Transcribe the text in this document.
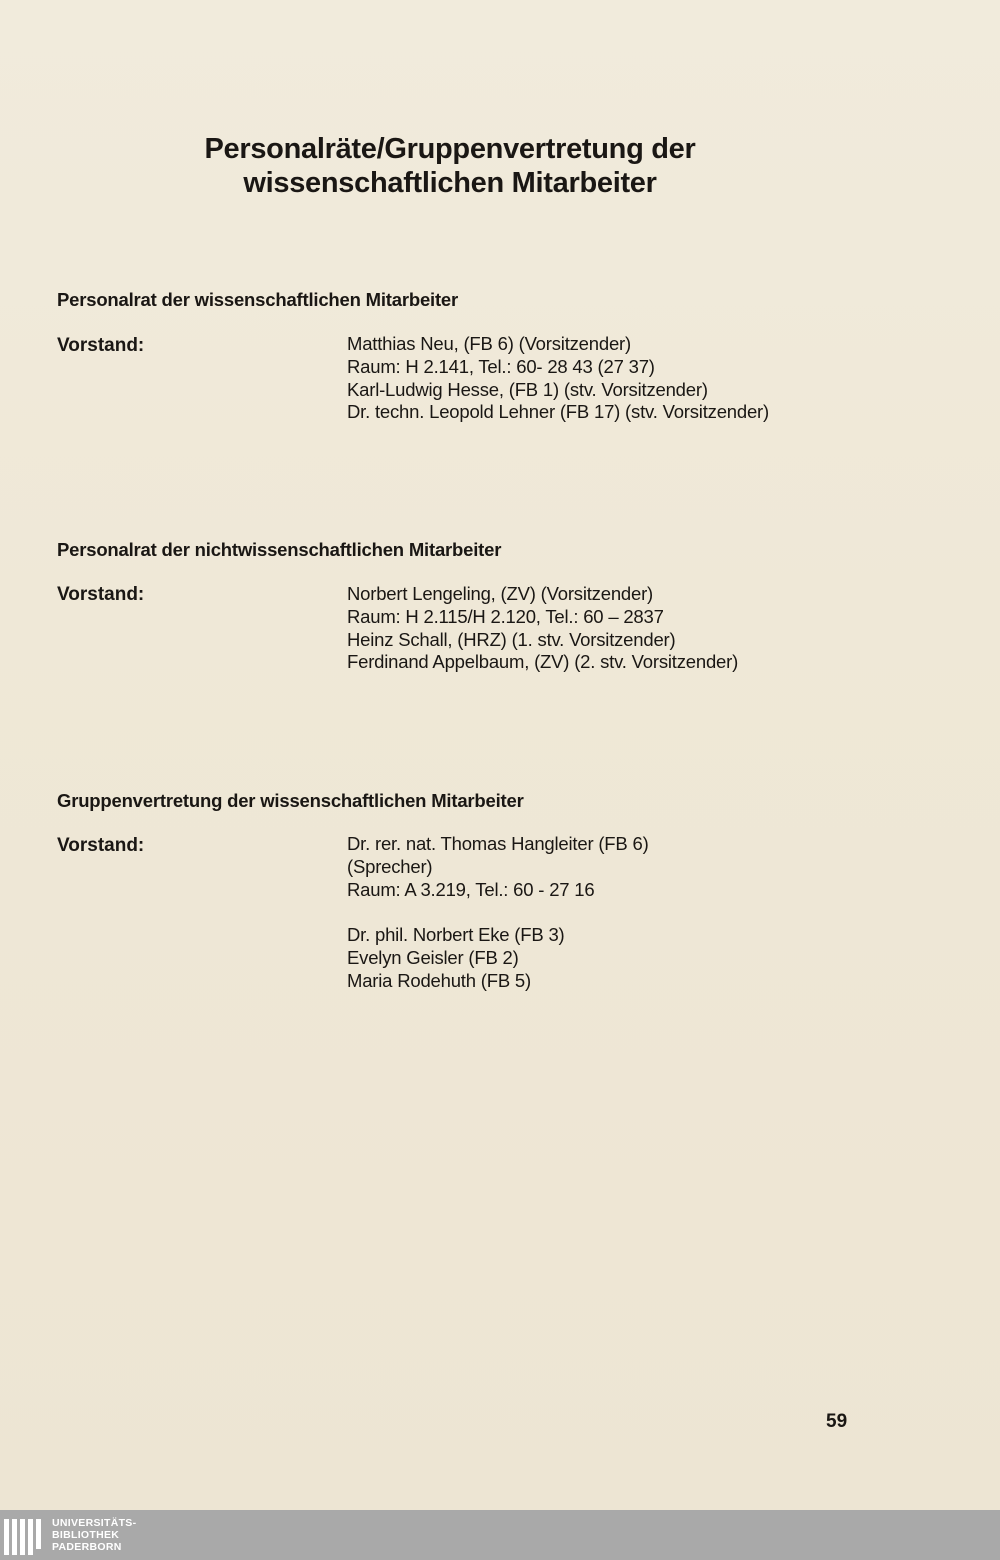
Personalräte/Gruppenvertretung der
wissenschaftlichen Mitarbeiter
Personalrat der wissenschaftlichen Mitarbeiter
Vorstand:	Matthias Neu, (FB 6) (Vorsitzender)
Raum: H 2.141, Tel.: 60- 28 43 (27 37)
Karl-Ludwig Hesse, (FB 1) (stv. Vorsitzender)
Dr. techn. Leopold Lehner (FB 17) (stv. Vorsitzender)
Personalrat der nichtwissenschaftlichen Mitarbeiter
Vorstand:	Norbert Lengeling, (ZV) (Vorsitzender)
Raum: H 2.115/H 2.120, Tel.: 60 – 2837
Heinz Schall, (HRZ) (1. stv. Vorsitzender)
Ferdinand Appelbaum, (ZV) (2. stv. Vorsitzender)
Gruppenvertretung der wissenschaftlichen Mitarbeiter
Vorstand:	Dr. rer. nat. Thomas Hangleiter (FB 6)
(Sprecher)
Raum: A 3.219, Tel.: 60 - 27 16
Dr. phil. Norbert Eke (FB 3)
Evelyn Geisler (FB 2)
Maria Rodehuth (FB 5)
59
UNIVERSITÄTS-
BIBLIOTHEK
PADERBORN
